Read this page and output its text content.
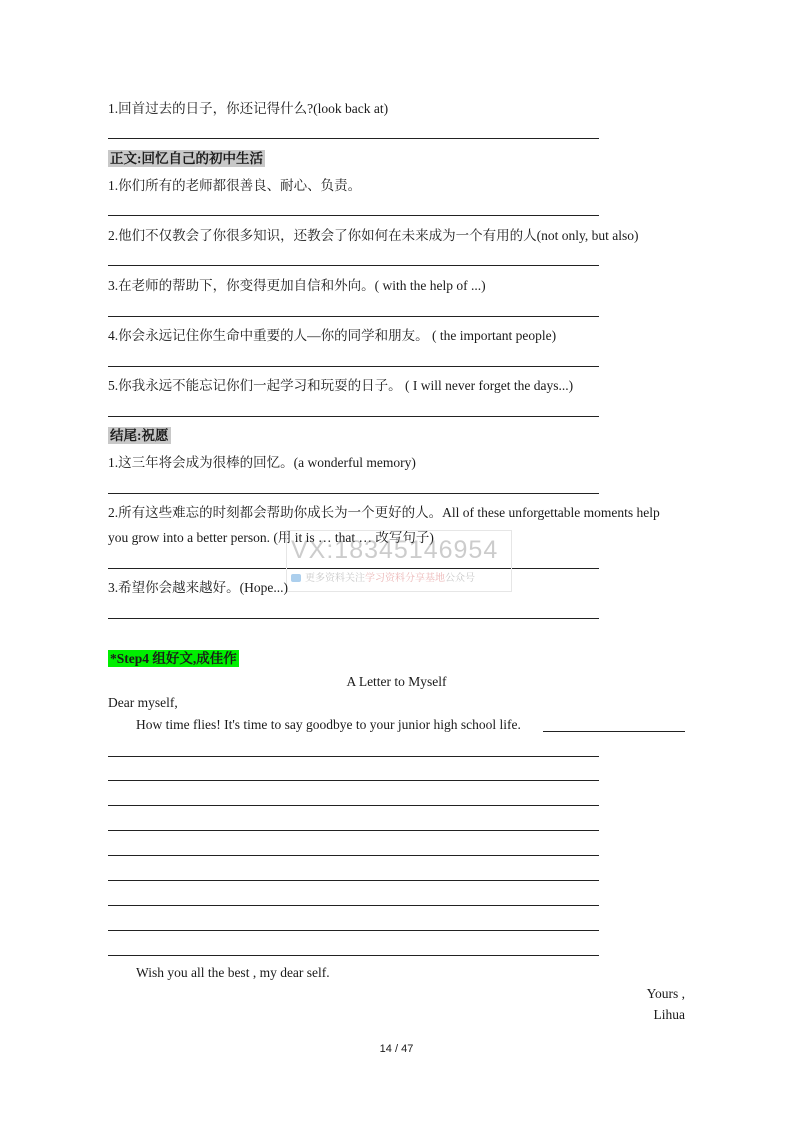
1.回首过去的日子，你还记得什么?(look back at)
正文:回忆自己的初中生活
1.你们所有的老师都很善良、耐心、负责。
2.他们不仅教会了你很多知识，还教会了你如何在未来成为一个有用的人(not only, but also)
3.在老师的帮助下，你变得更加自信和外向。( with the help of ...)
4.你会永远记住你生命中重要的人—你的同学和朋友。 ( the important people)
5.你我永远不能忘记你们一起学习和玩耍的日子。 ( I will never forget the days...)
结尾:祝愿
1.这三年将会成为很棒的回忆。(a wonderful memory)
2.所有这些难忘的时刻都会帮助你成长为一个更好的人。All of these unforgettable moments help
you grow into a better person. (用 it is … that … 改写句子)
VX:18345146954
更多资料关注学习资料分享基地公众号
3.希望你会越来越好。(Hope...)
*Step4 组好文,成佳作
A Letter to Myself
Dear myself,
How time flies! It's time to say goodbye to your junior high school life.
Wish you all the best , my dear self.
Yours ,
Lihua
14 / 47
